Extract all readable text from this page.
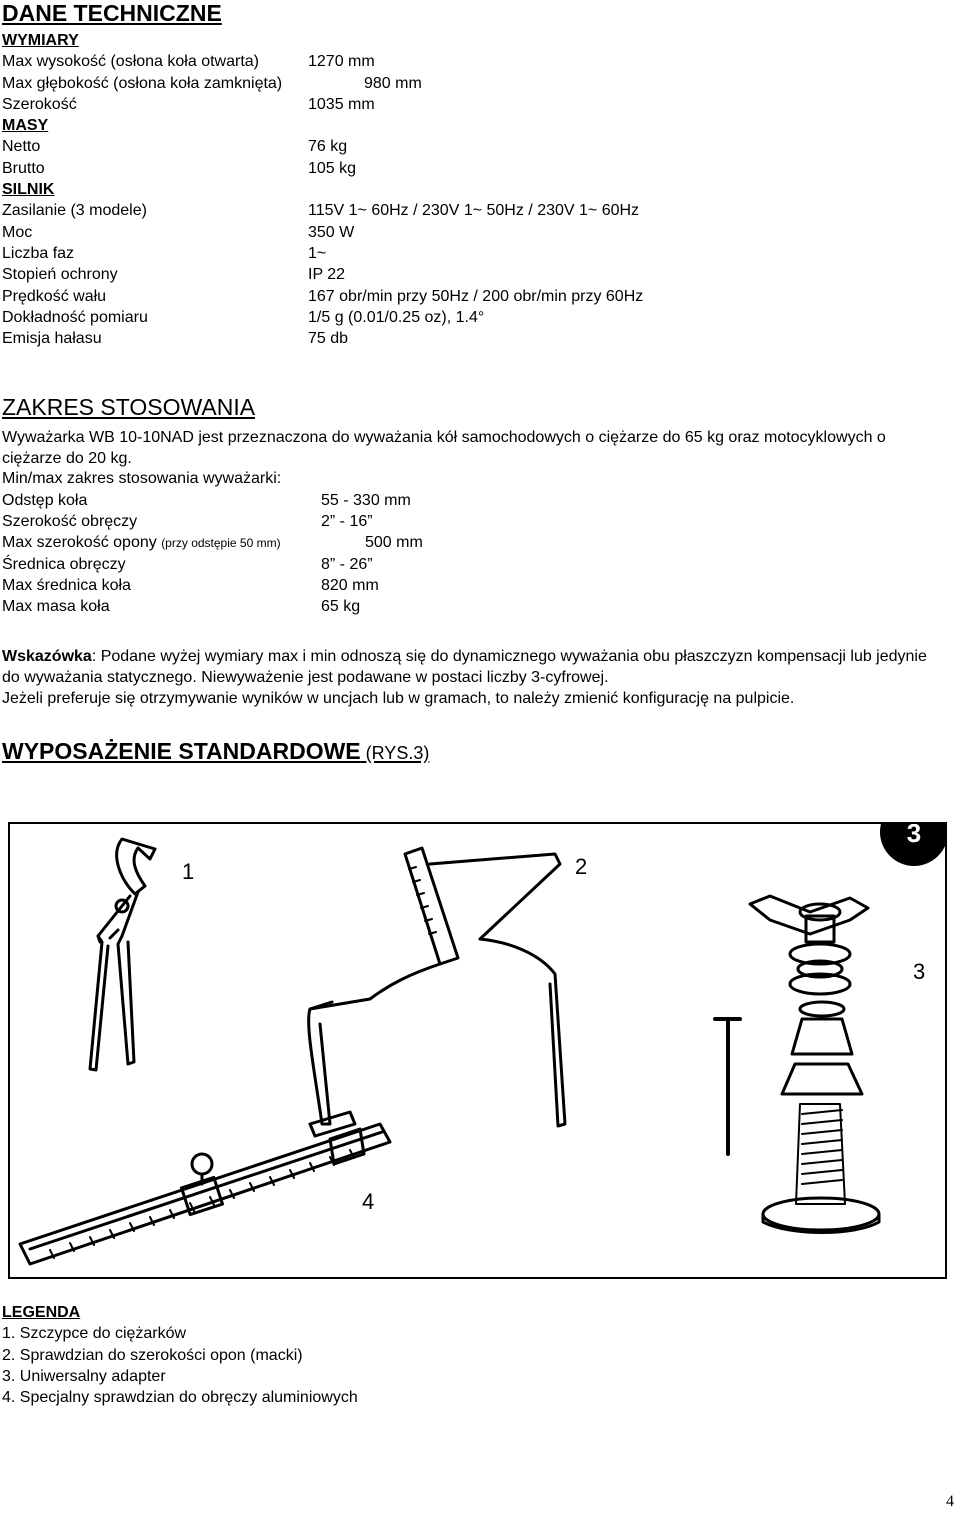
DANE TECHNICZNE
WYMIARY
Max wysokość (osłona koła otwarta)	1270 mm
Max głębokość (osłona koła zamknięta)	980 mm
Szerokość	1035 mm
MASY
Netto	76 kg
Brutto	105 kg
SILNIK
Zasilanie (3 modele)	115V 1~ 60Hz / 230V 1~ 50Hz / 230V 1~ 60Hz
Moc	350 W
Liczba faz	1~
Stopień ochrony	IP 22
Prędkość wału	167 obr/min przy 50Hz / 200 obr/min przy 60Hz
Dokładność pomiaru	1/5 g (0.01/0.25 oz), 1.4°
Emisja hałasu	75 db
ZAKRES STOSOWANIA
Wyważarka WB 10-10NAD jest przeznaczona do wyważania kół samochodowych o ciężarze do 65 kg oraz motocyklowych o ciężarze do 20 kg.
Min/max zakres stosowania wyważarki:
Odstęp koła	55 - 330 mm
Szerokość obręczy	2” - 16”
Max szerokość opony (przy odstępie 50 mm)	500 mm
Średnica obręczy	8” - 26”
Max średnica koła	820 mm
Max masa koła	65 kg
Wskazówka: Podane wyżej wymiary max i min odnoszą się do dynamicznego wyważania obu płaszczyzn kompensacji lub jedynie do wyważania statycznego. Niewyważenie jest podawane w postaci liczby 3-cyfrowej.
Jeżeli preferuje się otrzymywanie wyników w uncjach lub w gramach, to należy zmienić konfigurację na pulpicie.
WYPOSAŻENIE STANDARDOWE (RYS.3)
3
1	2
3
4
LEGENDA
1. Szczypce do ciężarków
2. Sprawdzian do szerokości opon (macki)
3. Uniwersalny adapter
4. Specjalny sprawdzian do obręczy aluminiowych
4
